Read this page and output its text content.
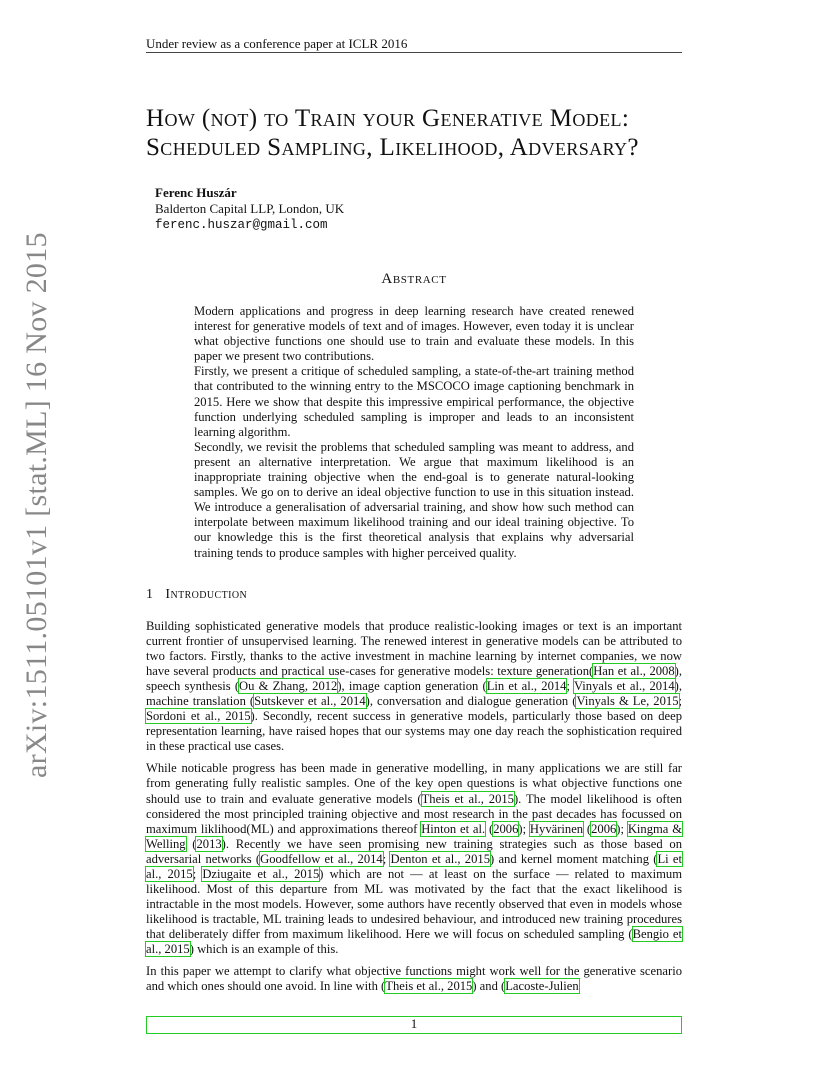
Under review as a conference paper at ICLR 2016
arXiv:1511.05101v1 [stat.ML] 16 Nov 2015
How (not) to Train your Generative Model:
Scheduled Sampling, Likelihood, Adversary?
Ferenc Huszár
Balderton Capital LLP, London, UK
ferenc.huszar@gmail.com
Abstract

Modern applications and progress in deep learning research have created renewed interest for generative models of text and of images. However, even today it is unclear what objective functions one should use to train and evaluate these models. In this paper we present two contributions.

Firstly, we present a critique of scheduled sampling, a state-of-the-art training method that contributed to the winning entry to the MSCOCO image captioning benchmark in 2015. Here we show that despite this impressive empirical performance, the objective function underlying scheduled sampling is improper and leads to an inconsistent learning algorithm.

Secondly, we revisit the problems that scheduled sampling was meant to address, and present an alternative interpretation. We argue that maximum likelihood is an inappropriate training objective when the end-goal is to generate natural-looking samples. We go on to derive an ideal objective function to use in this situation instead. We introduce a generalisation of adversarial training, and show how such method can interpolate between maximum likelihood training and our ideal training objective. To our knowledge this is the first theoretical analysis that explains why adversarial training tends to produce samples with higher perceived quality.

1 Introduction

Building sophisticated generative models that produce realistic-looking images or text is an important current frontier of unsupervised learning. The renewed interest in generative models can be attributed to two factors. Firstly, thanks to the active investment in machine learning by internet companies, we now have several products and practical use-cases for generative models: texture generation(Han et al., 2008), speech synthesis (Ou & Zhang, 2012), image caption generation (Lin et al., 2014; Vinyals et al., 2014), machine translation (Sutskever et al., 2014), conversation and dialogue generation (Vinyals & Le, 2015; Sordoni et al., 2015). Secondly, recent success in generative models, particularly those based on deep representation learning, have raised hopes that our systems may one day reach the sophistication required in these practical use cases.

While noticable progress has been made in generative modelling, in many applications we are still far from generating fully realistic samples. One of the key open questions is what objective functions one should use to train and evaluate generative models (Theis et al., 2015). The model likelihood is often considered the most principled training objective and most research in the past decades has focussed on maximum liklihood(ML) and approximations thereof Hinton et al. (2006); Hyvärinen (2006); Kingma & Welling (2013). Recently we have seen promising new training strategies such as those based on adversarial networks (Goodfellow et al., 2014; Denton et al., 2015) and kernel moment matching (Li et al., 2015; Dziugaite et al., 2015) which are not — at least on the surface — related to maximum likelihood. Most of this departure from ML was motivated by the fact that the exact likelihood is intractable in the most models. However, some authors have recently observed that even in models whose likelihood is tractable, ML training leads to undesired behaviour, and introduced new training procedures that deliberately differ from maximum likelihood. Here we will focus on scheduled sampling (Bengio et al., 2015) which is an example of this.

In this paper we attempt to clarify what objective functions might work well for the generative scenario and which ones should one avoid. In line with (Theis et al., 2015) and (Lacoste-Julien

1
